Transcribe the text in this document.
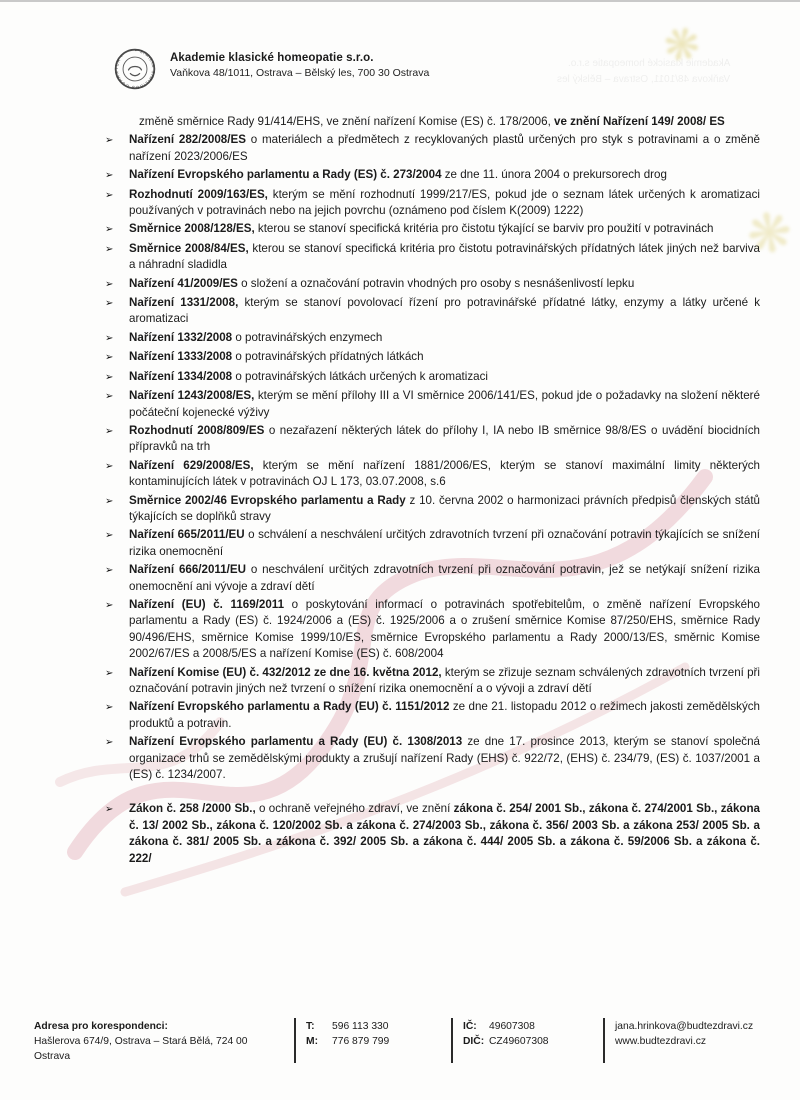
Akademie klasické homeopatie s.r.o.
Vaňkova 48/1011, Ostrava – Bělský les
❋
❋
• SIMILIA SIMILIBUS CURANTUR •	Akademie klasické homeopatie s.r.o.
Vaňkova 48/1011, Ostrava – Bělský les, 700 30 Ostrava

změně směrnice Rady 91/414/EHS, ve znění nařízení Komise (ES) č. 178/2006, ve znění Nařízení 149/ 2008/ ES

➢	Nařízení 282/2008/ES o materiálech a předmětech z recyklovaných plastů určených pro styk s potravinami a o změně nařízení 2023/2006/ES
➢	Nařízení Evropského parlamentu a Rady (ES) č. 273/2004 ze dne 11. února 2004 o prekursorech drog
➢	Rozhodnutí 2009/163/ES, kterým se mění rozhodnutí 1999/217/ES, pokud jde o seznam látek určených k aromatizaci používaných v potravinách nebo na jejich povrchu (oznámeno pod číslem K(2009) 1222)
➢	Směrnice 2008/128/ES, kterou se stanoví specifická kritéria pro čistotu týkající se barviv pro použití v potravinách
➢	Směrnice 2008/84/ES, kterou se stanoví specifická kritéria pro čistotu potravinářských přídatných látek jiných než barviva a náhradní sladidla
➢	Nařízení 41/2009/ES o složení a označování potravin vhodných pro osoby s nesnášenlivostí lepku
➢	Nařízení 1331/2008, kterým se stanoví povolovací řízení pro potravinářské přídatné látky, enzymy a látky určené k aromatizaci
➢	Nařízení 1332/2008 o potravinářských enzymech
➢	Nařízení 1333/2008 o potravinářských přídatných látkách
➢	Nařízení 1334/2008 o potravinářských látkách určených k aromatizaci
➢	Nařízení 1243/2008/ES, kterým se mění přílohy III a VI směrnice 2006/141/ES, pokud jde o požadavky na složení některé počáteční kojenecké výživy
➢	Rozhodnutí 2008/809/ES o nezařazení některých látek do přílohy I, IA nebo IB směrnice 98/8/ES o uvádění biocidních přípravků na trh
➢	Nařízení 629/2008/ES, kterým se mění nařízení 1881/2006/ES, kterým se stanoví maximální limity některých kontaminujících látek v potravinách OJ L 173, 03.07.2008, s.6
➢	Směrnice 2002/46 Evropského parlamentu a Rady z 10. června 2002 o harmonizaci právních předpisů členských států týkajících se doplňků stravy
➢	Nařízení 665/2011/EU o schválení a neschválení určitých zdravotních tvrzení při označování potravin týkajících se snížení rizika onemocnění
➢	Nařízení 666/2011/EU o neschválení určitých zdravotních tvrzení při označování potravin, jež se netýkají snížení rizika onemocnění ani vývoje a zdraví dětí
➢	Nařízení (EU) č. 1169/2011 o poskytování informací o potravinách spotřebitelům, o změně nařízení Evropského parlamentu a Rady (ES) č. 1924/2006 a (ES) č. 1925/2006 a o zrušení směrnice Komise 87/250/EHS, směrnice Rady 90/496/EHS, směrnice Komise 1999/10/ES, směrnice Evropského parlamentu a Rady 2000/13/ES, směrnic Komise 2002/67/ES a 2008/5/ES a nařízení Komise (ES) č. 608/2004
➢	Nařízení Komise (EU) č. 432/2012 ze dne 16. května 2012, kterým se zřizuje seznam schválených zdravotních tvrzení při označování potravin jiných než tvrzení o snížení rizika onemocnění a o vývoji a zdraví dětí
➢	Nařízení Evropského parlamentu a Rady (EU) č. 1151/2012 ze dne 21. listopadu 2012 o režimech jakosti zemědělských produktů a potravin.
➢	Nařízení Evropského parlamentu a Rady (EU) č. 1308/2013 ze dne 17. prosince 2013, kterým se stanoví společná organizace trhů se zemědělskými produkty a zrušují nařízení Rady (EHS) č. 922/72, (EHS) č. 234/79, (ES) č. 1037/2001 a (ES) č. 1234/2007.
➢	Zákon č. 258 /2000 Sb., o ochraně veřejného zdraví, ve znění zákona č. 254/ 2001 Sb., zákona č. 274/2001 Sb., zákona č. 13/ 2002 Sb., zákona č. 120/2002 Sb. a zákona č. 274/2003 Sb., zákona č. 356/ 2003 Sb. a zákona 253/ 2005 Sb. a zákona č. 381/ 2005 Sb. a zákona č. 392/ 2005 Sb. a zákona č. 444/ 2005 Sb. a zákona č. 59/2006 Sb. a zákona č. 222/
Adresa pro korespondenci:
Hašlerova 674/9, Ostrava – Stará Bělá, 724 00 Ostrava
T:	596 113 330
M:	776 879 799
IČ:	49607308
DIČ: CZ49607308
jana.hrinkova@budtezdravi.cz
www.budtezdravi.cz
